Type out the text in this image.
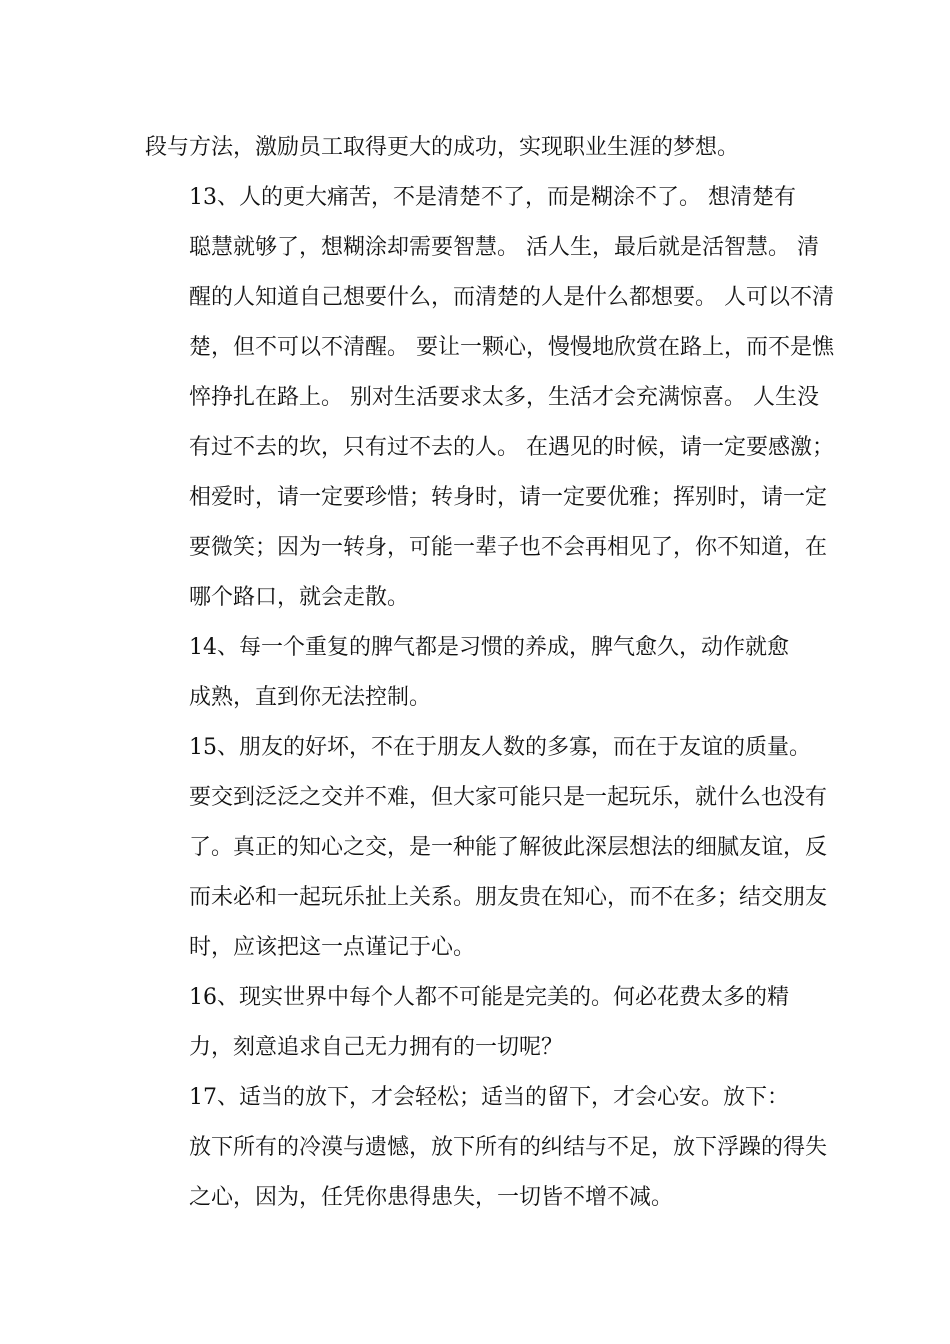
段与方法，激励员工取得更大的成功，实现职业生涯的梦想。

13、人的更大痛苦，不是清楚不了，而是糊涂不了。 想清楚有
聪慧就够了，想糊涂却需要智慧。 活人生，最后就是活智慧。 清
醒的人知道自己想要什么，而清楚的人是什么都想要。 人可以不清
楚，但不可以不清醒。 要让一颗心，慢慢地欣赏在路上，而不是憔
悴挣扎在路上。 别对生活要求太多，生活才会充满惊喜。 人生没
有过不去的坎，只有过不去的人。 在遇见的时候，请一定要感激；
相爱时，请一定要珍惜；转身时，请一定要优雅；挥别时，请一定
要微笑；因为一转身，可能一辈子也不会再相见了，你不知道，在
哪个路口，就会走散。

14、每一个重复的脾气都是习惯的养成，脾气愈久，动作就愈
成熟，直到你无法控制。

15、朋友的好坏，不在于朋友人数的多寡，而在于友谊的质量。
要交到泛泛之交并不难，但大家可能只是一起玩乐，就什么也没有
了。真正的知心之交，是一种能了解彼此深层想法的细腻友谊，反
而未必和一起玩乐扯上关系。朋友贵在知心，而不在多；结交朋友
时，应该把这一点谨记于心。

16、现实世界中每个人都不可能是完美的。何必花费太多的精
力，刻意追求自己无力拥有的一切呢？

17、适当的放下，才会轻松；适当的留下，才会心安。放下：
放下所有的冷漠与遗憾，放下所有的纠结与不足，放下浮躁的得失
之心，因为，任凭你患得患失，一切皆不增不减。
